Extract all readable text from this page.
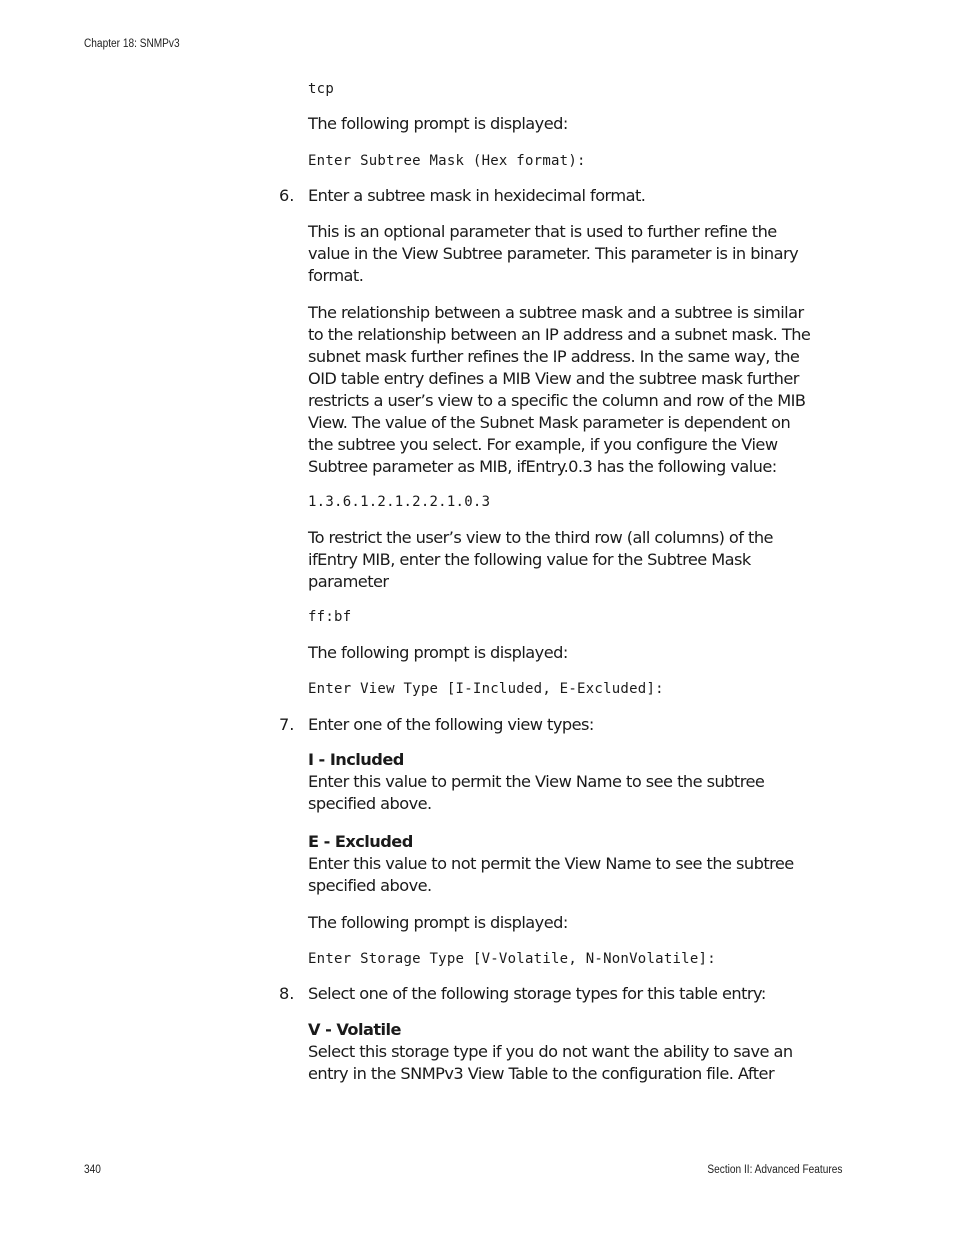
Chapter 18: SNMPv3
tcp

The following prompt is displayed:

Enter Subtree Mask (Hex format):
6. Enter a subtree mask in hexidecimal format.

This is an optional parameter that is used to further refine the value in the View Subtree parameter. This parameter is in binary format.

The relationship between a subtree mask and a subtree is similar to the relationship between an IP address and a subnet mask. The subnet mask further refines the IP address. In the same way, the OID table entry defines a MIB View and the subtree mask further restricts a user’s view to a specific the column and row of the MIB View. The value of the Subnet Mask parameter is dependent on the subtree you select. For example, if you configure the View Subtree parameter as MIB, ifEntry.0.3 has the following value:

1.3.6.1.2.1.2.2.1.0.3

To restrict the user’s view to the third row (all columns) of the ifEntry MIB, enter the following value for the Subtree Mask parameter

ff:bf

The following prompt is displayed:

Enter View Type [I-Included, E-Excluded]:
7. Enter one of the following view types:

I - Included

Enter this value to permit the View Name to see the subtree specified above.

E - Excluded

Enter this value to not permit the View Name to see the subtree specified above.

The following prompt is displayed:

Enter Storage Type [V-Volatile, N-NonVolatile]:
8. Select one of the following storage types for this table entry:

V - Volatile

Select this storage type if you do not want the ability to save an entry in the SNMPv3 View Table to the configuration file. After

340	Section II: Advanced Features
